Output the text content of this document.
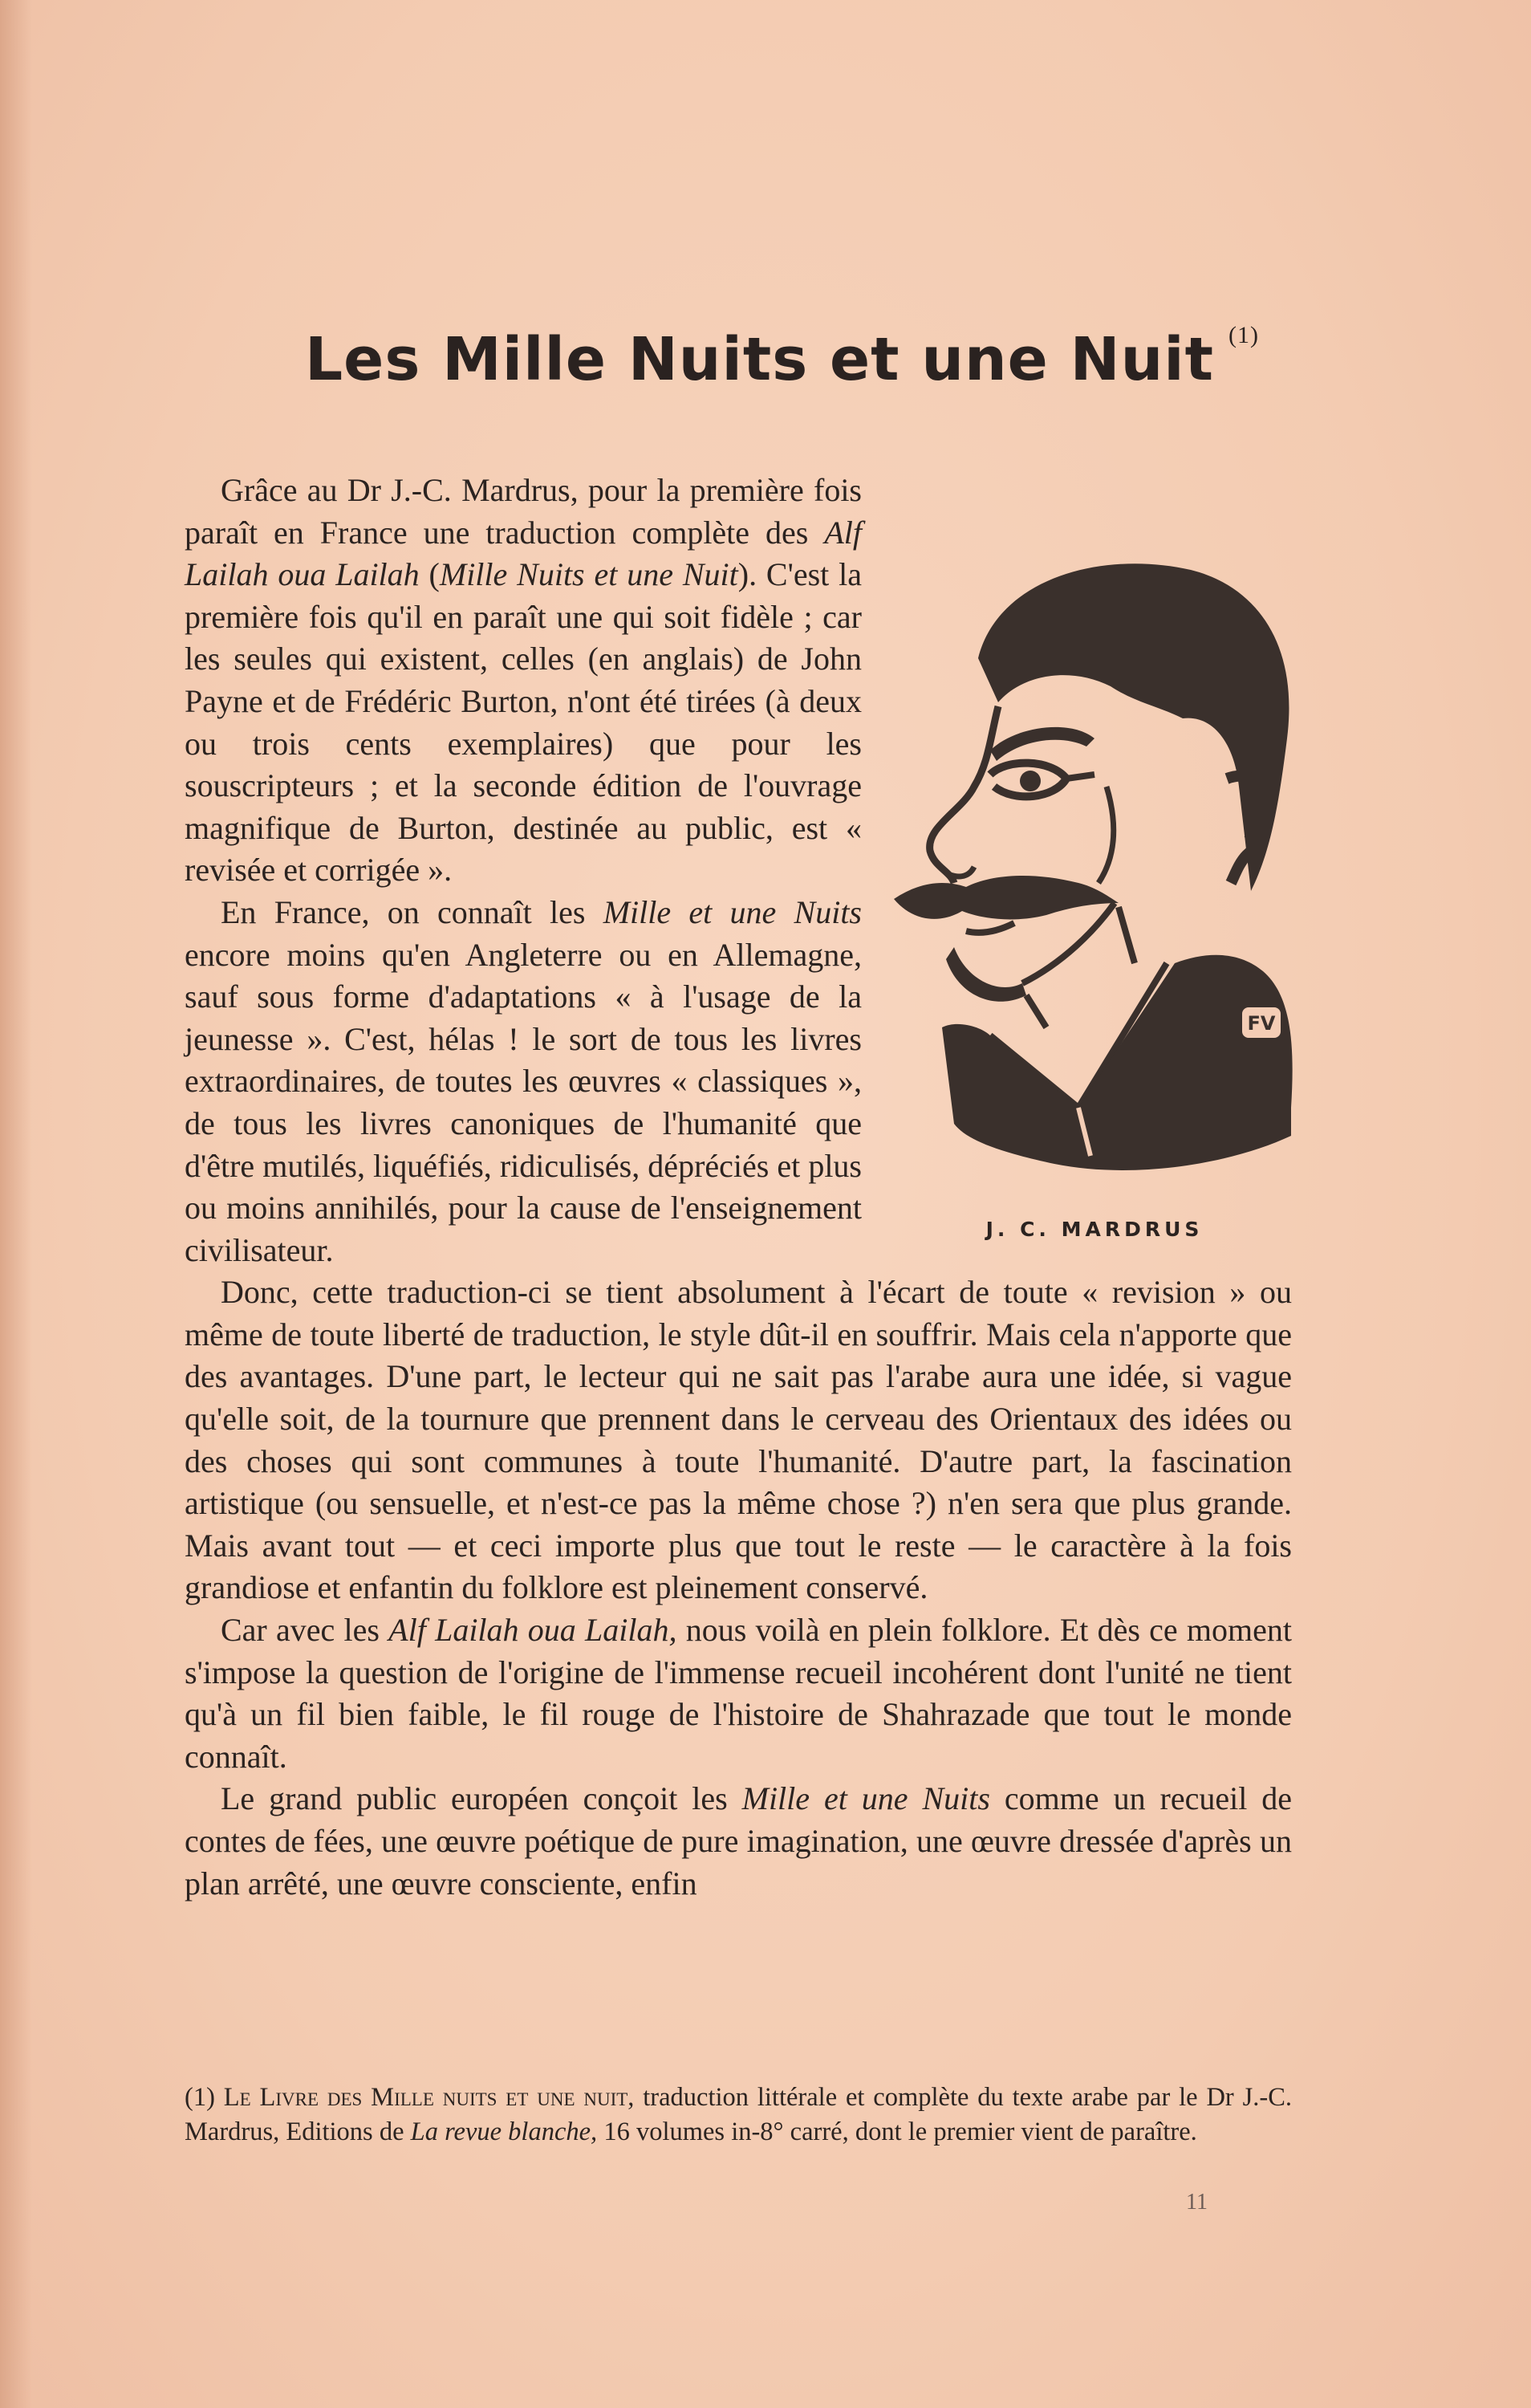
Les Mille Nuits et une Nuit $^{(1)}$
FV
J. C. MARDRUS

Grâce au Dr J.-C. Mardrus, pour la première fois paraît en France une traduction complète des Alf Lailah oua Lailah (Mille Nuits et une Nuit). C'est la première fois qu'il en paraît une qui soit fidèle ; car les seules qui existent, celles (en anglais) de John Payne et de Frédéric Burton, n'ont été tirées (à deux ou trois cents exemplaires) que pour les souscripteurs ; et la seconde édition de l'ouvrage magnifique de Burton, destinée au public, est « revisée et corrigée ».

En France, on connaît les Mille et une Nuits encore moins qu'en Angleterre ou en Allemagne, sauf sous forme d'adaptations « à l'usage de la jeunesse ». C'est, hélas ! le sort de tous les livres extraordinaires, de toutes les œuvres « classiques », de tous les livres canoniques de l'humanité que d'être mutilés, liquéfiés, ridiculisés, dépréciés et plus ou moins annihilés, pour la cause de l'enseignement civilisateur.

Donc, cette traduction-ci se tient absolument à l'écart de toute « revision » ou même de toute liberté de traduction, le style dût-il en souffrir. Mais cela n'apporte que des avantages. D'une part, le lecteur qui ne sait pas l'arabe aura une idée, si vague qu'elle soit, de la tournure que prennent dans le cerveau des Orientaux des idées ou des choses qui sont communes à toute l'humanité. D'autre part, la fascination artistique (ou sensuelle, et n'est-ce pas la même chose ?) n'en sera que plus grande. Mais avant tout — et ceci importe plus que tout le reste — le caractère à la fois grandiose et enfantin du folklore est pleinement conservé.

Car avec les Alf Lailah oua Lailah, nous voilà en plein folklore. Et dès ce moment s'impose la question de l'origine de l'immense recueil incohérent dont l'unité ne tient qu'à un fil bien faible, le fil rouge de l'histoire de Shahrazade que tout le monde connaît.

Le grand public européen conçoit les Mille et une Nuits comme un recueil de contes de fées, une œuvre poétique de pure imagination, une œuvre dressée d'après un plan arrêté, une œuvre consciente, enfin

(1) Le Livre des Mille nuits et une nuit, traduction littérale et complète du texte arabe par le Dr J.-C. Mardrus, Editions de La revue blanche, 16 volumes in-8° carré, dont le premier vient de paraître.
11
